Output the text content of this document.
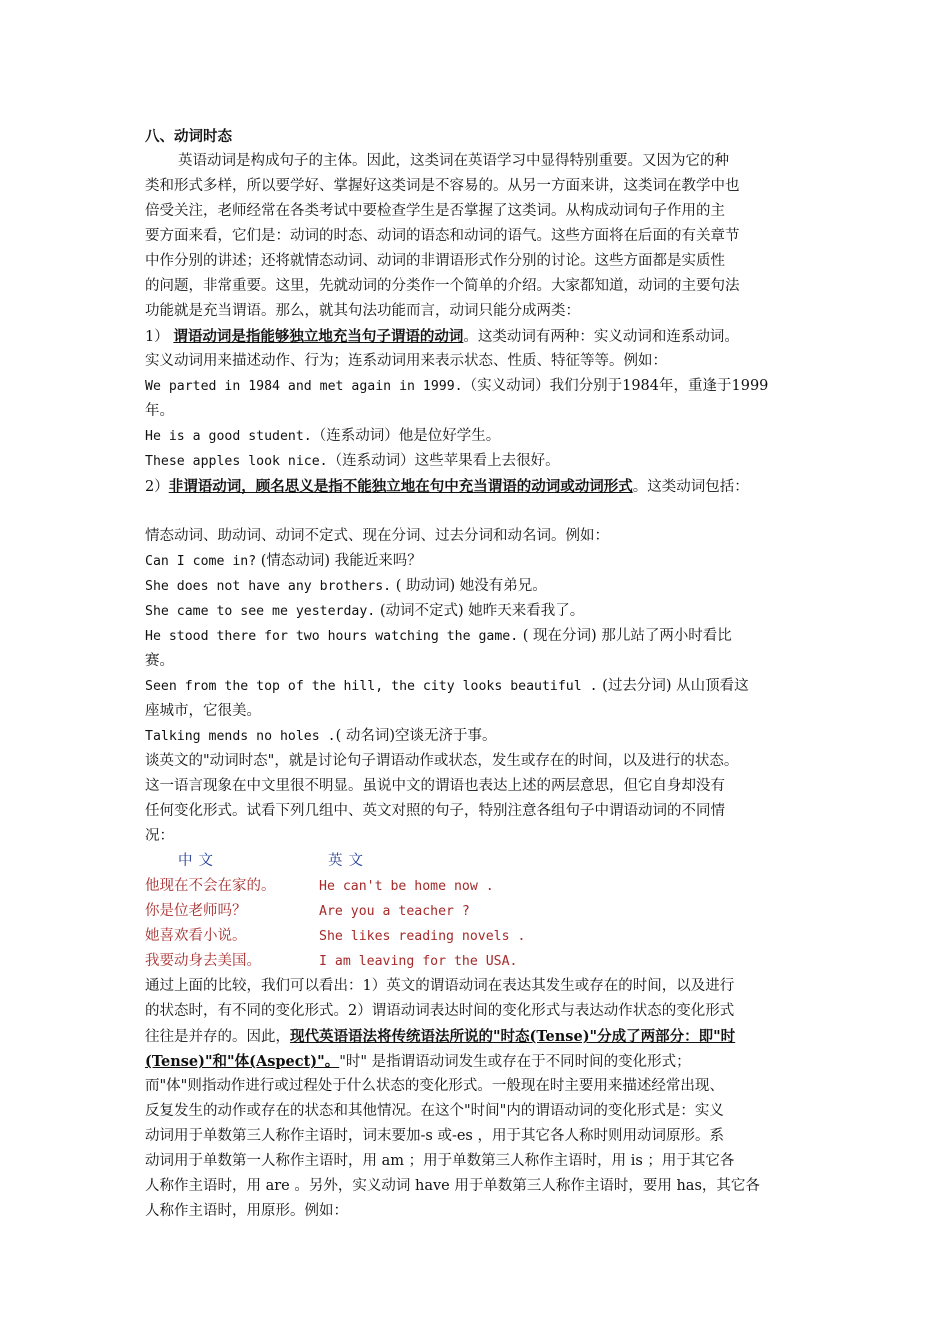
八、动词时态
英语动词是构成句子的主体。因此，这类词在英语学习中显得特别重要。又因为它的种
类和形式多样，所以要学好、掌握好这类词是不容易的。从另一方面来讲，这类词在教学中也
倍受关注，老师经常在各类考试中要检查学生是否掌握了这类词。从构成动词句子作用的主
要方面来看，它们是：动词的时态、动词的语态和动词的语气。这些方面将在后面的有关章节
中作分别的讲述；还将就情态动词、动词的非谓语形式作分别的讨论。这些方面都是实质性
的问题，非常重要。这里，先就动词的分类作一个简单的介绍。大家都知道，动词的主要句法
功能就是充当谓语。那么，就其句法功能而言，动词只能分成两类：
1） 谓语动词是指能够独立地充当句子谓语的动词。这类动词有两种：实义动词和连系动词。
实义动词用来描述动作、行为；连系动词用来表示状态、性质、特征等等。例如：
We parted in 1984 and met again in 1999.（实义动词）我们分别于1984年，重逢于1999
年。
He is a good student.（连系动词）他是位好学生。
These apples look nice.（连系动词）这些苹果看上去很好。
2）非谓语动词，顾名思义是指不能独立地在句中充当谓语的动词或动词形式。这类动词包括：
情态动词、助动词、动词不定式、现在分词、过去分词和动名词。例如：
Can I come in? (情态动词) 我能近来吗？
She does not have any brothers. ( 助动词) 她没有弟兄。
She came to see me yesterday. (动词不定式) 她昨天来看我了。
He stood there for two hours watching the game. ( 现在分词) 那儿站了两小时看比
赛。
Seen from the top of the hill, the city looks beautiful . (过去分词) 从山顶看这
座城市，它很美。
Talking mends no holes .( 动名词)空谈无济于事。
谈英文的"动词时态"，就是讨论句子谓语动作或状态，发生或存在的时间，以及进行的状态。
这一语言现象在中文里很不明显。虽说中文的谓语也表达上述的两层意思，但它自身却没有
任何变化形式。试看下列几组中、英文对照的句子，特别注意各组句子中谓语动词的不同情
况：
中文	英文
他现在不会在家的。	He can't be home now .
你是位老师吗？	Are you a teacher ?
她喜欢看小说。	She likes reading novels .
我要动身去美国。	I am leaving for the USA.
通过上面的比较，我们可以看出：1）英文的谓语动词在表达其发生或存在的时间，以及进行
的状态时，有不同的变化形式。2）谓语动词表达时间的变化形式与表达动作状态的变化形式
往往是并存的。因此，现代英语语法将传统语法所说的"时态(Tense)"分成了两部分：即"时
(Tense)"和"体(Aspect)"。"时" 是指谓语动词发生或存在于不同时间的变化形式；
而"体"则指动作进行或过程处于什么状态的变化形式。一般现在时主要用来描述经常出现、
反复发生的动作或存在的状态和其他情况。在这个"时间"内的谓语动词的变化形式是：实义
动词用于单数第三人称作主语时，词末要加-s 或-es ，用于其它各人称时则用动词原形。系
动词用于单数第一人称作主语时，用 am ；用于单数第三人称作主语时，用 is ；用于其它各
人称作主语时，用 are 。另外，实义动词 have 用于单数第三人称作主语时，要用 has，其它各
人称作主语时，用原形。例如：
